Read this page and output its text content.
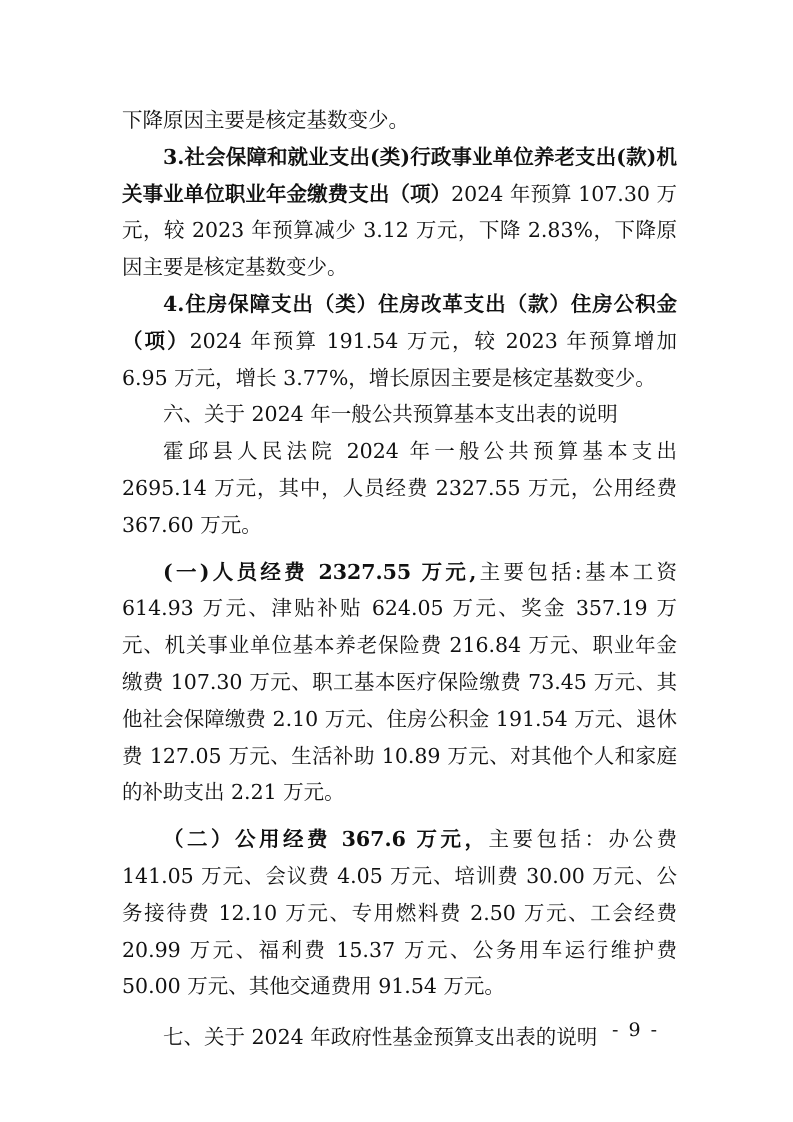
下降原因主要是核定基数变少。

3.社会保障和就业支出(类)行政事业单位养老支出(款)机关事业单位职业年金缴费支出（项）2024 年预算 107.30 万元，较 2023 年预算减少 3.12 万元，下降 2.83%，下降原因主要是核定基数变少。

4.住房保障支出（类）住房改革支出（款）住房公积金（项）2024 年预算 191.54 万元，较 2023 年预算增加 6.95 万元，增长 3.77%，增长原因主要是核定基数变少。

六、关于 2024 年一般公共预算基本支出表的说明

霍邱县人民法院 2024 年一般公共预算基本支出 2695.14 万元，其中，人员经费 2327.55 万元，公用经费 367.60 万元。

(一)人员经费 2327.55 万元,主要包括:基本工资 614.93 万元、津贴补贴 624.05 万元、奖金 357.19 万元、机关事业单位基本养老保险费 216.84 万元、职业年金缴费 107.30 万元、职工基本医疗保险缴费 73.45 万元、其他社会保障缴费 2.10 万元、住房公积金 191.54 万元、退休费 127.05 万元、生活补助 10.89 万元、对其他个人和家庭的补助支出 2.21 万元。

（二）公用经费 367.6 万元，主要包括：办公费 141.05 万元、会议费 4.05 万元、培训费 30.00 万元、公务接待费 12.10 万元、专用燃料费 2.50 万元、工会经费 20.99 万元、福利费 15.37 万元、公务用车运行维护费 50.00 万元、其他交通费用 91.54 万元。

七、关于 2024 年政府性基金预算支出表的说明 - 9 -
